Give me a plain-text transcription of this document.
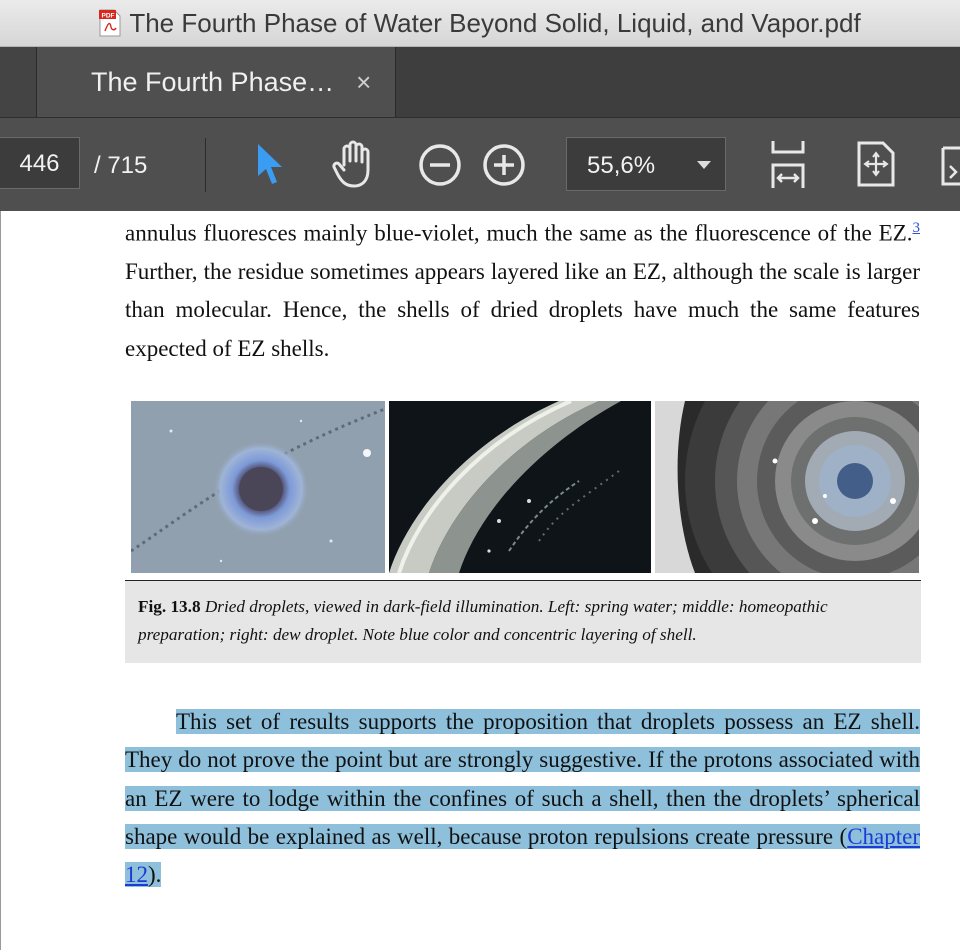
PDF The Fourth Phase of Water Beyond Solid, Liquid, and Vapor.pdf
The Fourth Phase… ×
446	/ 715	55,6%

annulus fluoresces mainly blue-violet, much the same as the fluorescence of the EZ.$^3$ Further, the residue sometimes appears layered like an EZ, although the scale is larger than molecular. Hence, the shells of dried droplets have much the same features expected of EZ shells.

Fig. 13.8 Dried droplets, viewed in dark-field illumination. Left: spring water; middle: homeopathic preparation; right: dew droplet. Note blue color and concentric layering of shell.

This set of results supports the proposition that droplets possess an EZ shell. They do not prove the point but are strongly suggestive. If the protons associated with an EZ were to lodge within the confines of such a shell, then the droplets’ spherical shape would be explained as well, because proton repulsions create pressure (Chapter 12).
